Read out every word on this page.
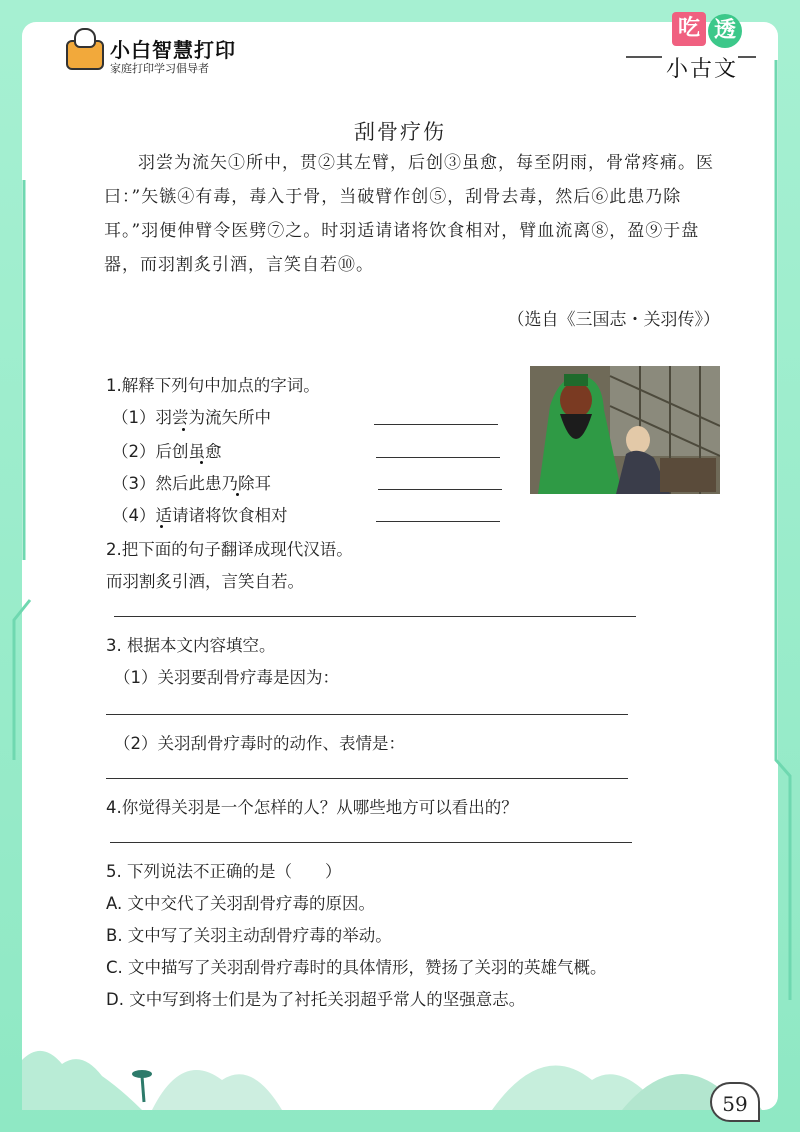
小白智慧打印
家庭打印学习倡导者
吃 透
小古文
刮骨疗伤
羽尝为流矢①所中，贯②其左臂，后创③虽愈，每至阴雨，骨常疼痛。医曰：”矢镞④有毒，毒入于骨，当破臂作创⑤，刮骨去毒，然后⑥此患乃除耳。”羽便伸臂令医劈⑦之。时羽适请诸将饮食相对，臂血流离⑧，盈⑨于盘器，而羽割炙引酒，言笑自若⑩。
（选自《三国志・关羽传》）
1.解释下列句中加点的字词。
（1）羽尝为流矢所中
（2）后创虽愈
（3）然后此患乃除耳
（4）适请诸将饮食相对
2.把下面的句子翻译成现代汉语。
而羽割炙引酒，言笑自若。
3. 根据本文内容填空。
（1）关羽要刮骨疗毒是因为：
（2）关羽刮骨疗毒时的动作、表情是：
4.你觉得关羽是一个怎样的人？从哪些地方可以看出的？
5. 下列说法不正确的是（　　）
A. 文中交代了关羽刮骨疗毒的原因。
B. 文中写了关羽主动刮骨疗毒的举动。
C. 文中描写了关羽刮骨疗毒时的具体情形，赞扬了关羽的英雄气概。
D. 文中写到将士们是为了衬托关羽超乎常人的坚强意志。
59
